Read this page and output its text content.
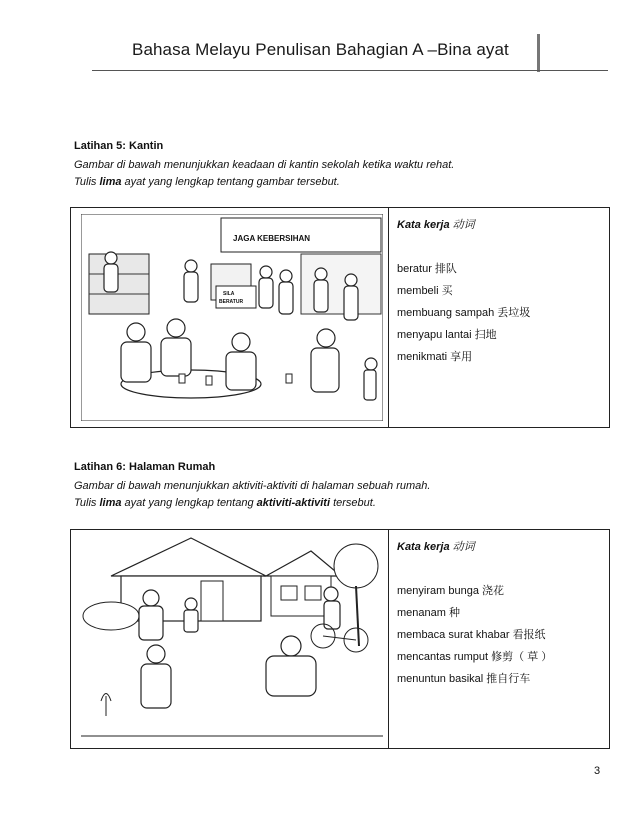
Bahasa Melayu Penulisan Bahagian A –Bina ayat
Latihan 5: Kantin
Gambar di bawah menunjukkan keadaan di kantin sekolah ketika waktu rehat.
Tulis lima ayat yang lengkap tentang gambar tersebut.
JAGA KEBERSIHAN
SILA
BERATUR
Kata kerja 动词
beratur 排队
membeli 买
membuang sampah 丢垃圾
menyapu lantai 扫地
menikmati 享用
Latihan 6: Halaman Rumah
Gambar di bawah menunjukkan aktiviti-aktiviti di halaman sebuah rumah.
Tulis lima ayat yang lengkap tentang aktiviti-aktiviti tersebut.
Kata kerja 动词
menyiram bunga 浇花
menanam 种
membaca surat khabar 看报纸
mencantas rumput 修剪（ 草 ）
menuntun basikal 推自行车
3
